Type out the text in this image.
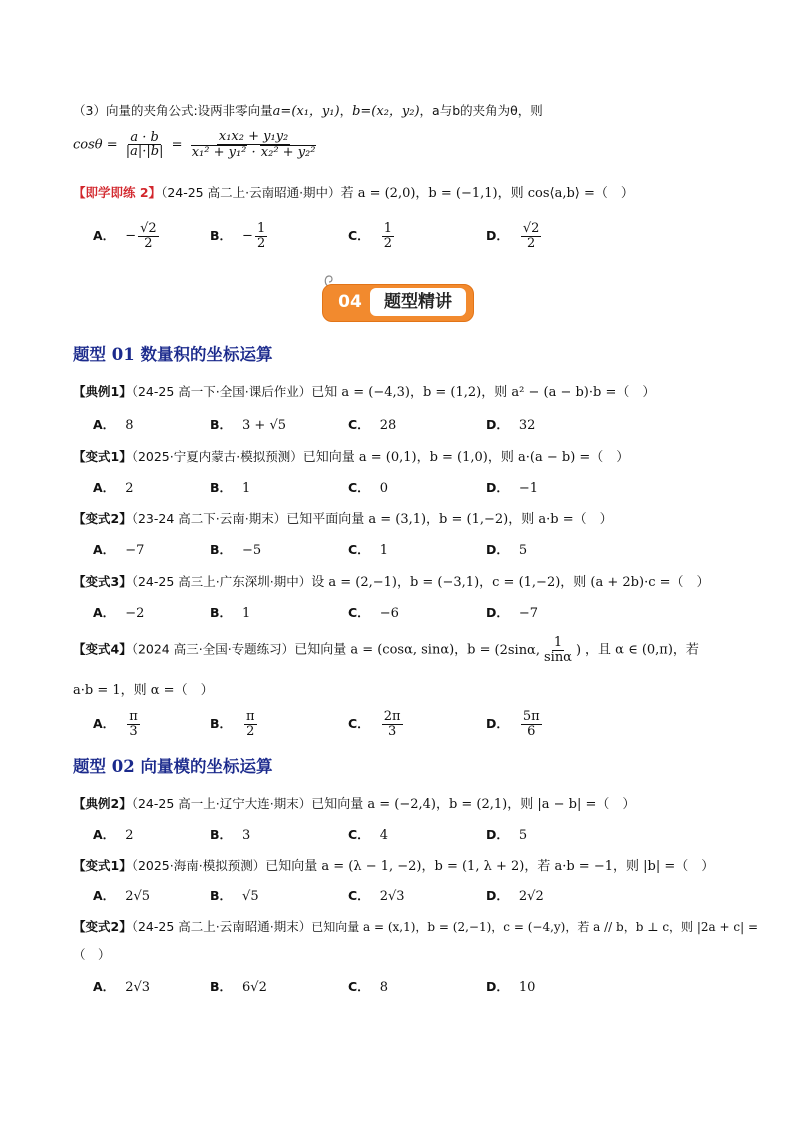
（3）向量的夹角公式:设两非零向量a=(x₁，y₁)，b=(x₂，y₂)，a与b的夹角为θ，则
$\cos\theta = \frac{a \cdot b}{|a|\cdot|b|} = \frac{\text{x₁x₂ + y₁y₂}}{\text{x₁² + y₁² · x₂² + y₂²}}$
【即学即练 2】（24-25 高二上·云南昭通·期中）若 a = (2,0)，b = (−1,1)，则 cos⟨a,b⟩ =（　）
A． − $\frac{√2}{2}$	B． − $\frac{1}{2}$	C． $\frac{1}{2}$	D． $\frac{√2}{2}$
04	题型精讲
题型 01 数量积的坐标运算
【典例1】（24-25 高一下·全国·课后作业）已知 a = (−4,3)，b = (1,2)，则 a² − (a − b)·b =（　）
A． 8	B． 3 + √5	C． 28	D． 32
【变式1】（2025·宁夏内蒙古·模拟预测）已知向量 a = (0,1)，b = (1,0)，则 a·(a − b) =（　）
A． 2	B． 1	C． 0	D． −1
【变式2】（23-24 高二下·云南·期末）已知平面向量 a = (3,1)，b = (1,−2)，则 a·b =（　）
A． −7	B． −5	C． 1	D． 5
【变式3】（24-25 高三上·广东深圳·期中）设 a = (2,−1)，b = (−3,1)，c = (1,−2)，则 (a + 2b)·c =（　）
A． −2	B． 1	C． −6	D． −7
【变式4】（2024 高三·全国·专题练习）已知向量 a = (cosα, sinα)，b = (2sinα, $\frac{1}{\sin\alpha}$ ) ，且 α ∈ (0,π)，若
a·b = 1，则 α =（　）
A． $\frac{\pi}{3}$	B． $\frac{\pi}{2}$	C． $\frac{2\pi}{3}$	D． $\frac{5\pi}{6}$
题型 02 向量模的坐标运算
【典例2】（24-25 高一上·辽宁大连·期末）已知向量 a = (−2,4)，b = (2,1)，则 |a − b| =（　）
A． 2	B． 3	C． 4	D． 5
【变式1】（2025·海南·模拟预测）已知向量 a = (λ − 1, −2)，b = (1, λ + 2)，若 a·b = −1，则 |b| =（　）
A． 2√5	B． √5	C． 2√3	D． 2√2
【变式2】（24-25 高二上·云南昭通·期末）已知向量 a = (x,1)，b = (2,−1)，c = (−4,y)，若 a // b，b ⊥ c，则 |2a + c| =
（　）
A． 2√3	B． 6√2	C． 8	D． 10
